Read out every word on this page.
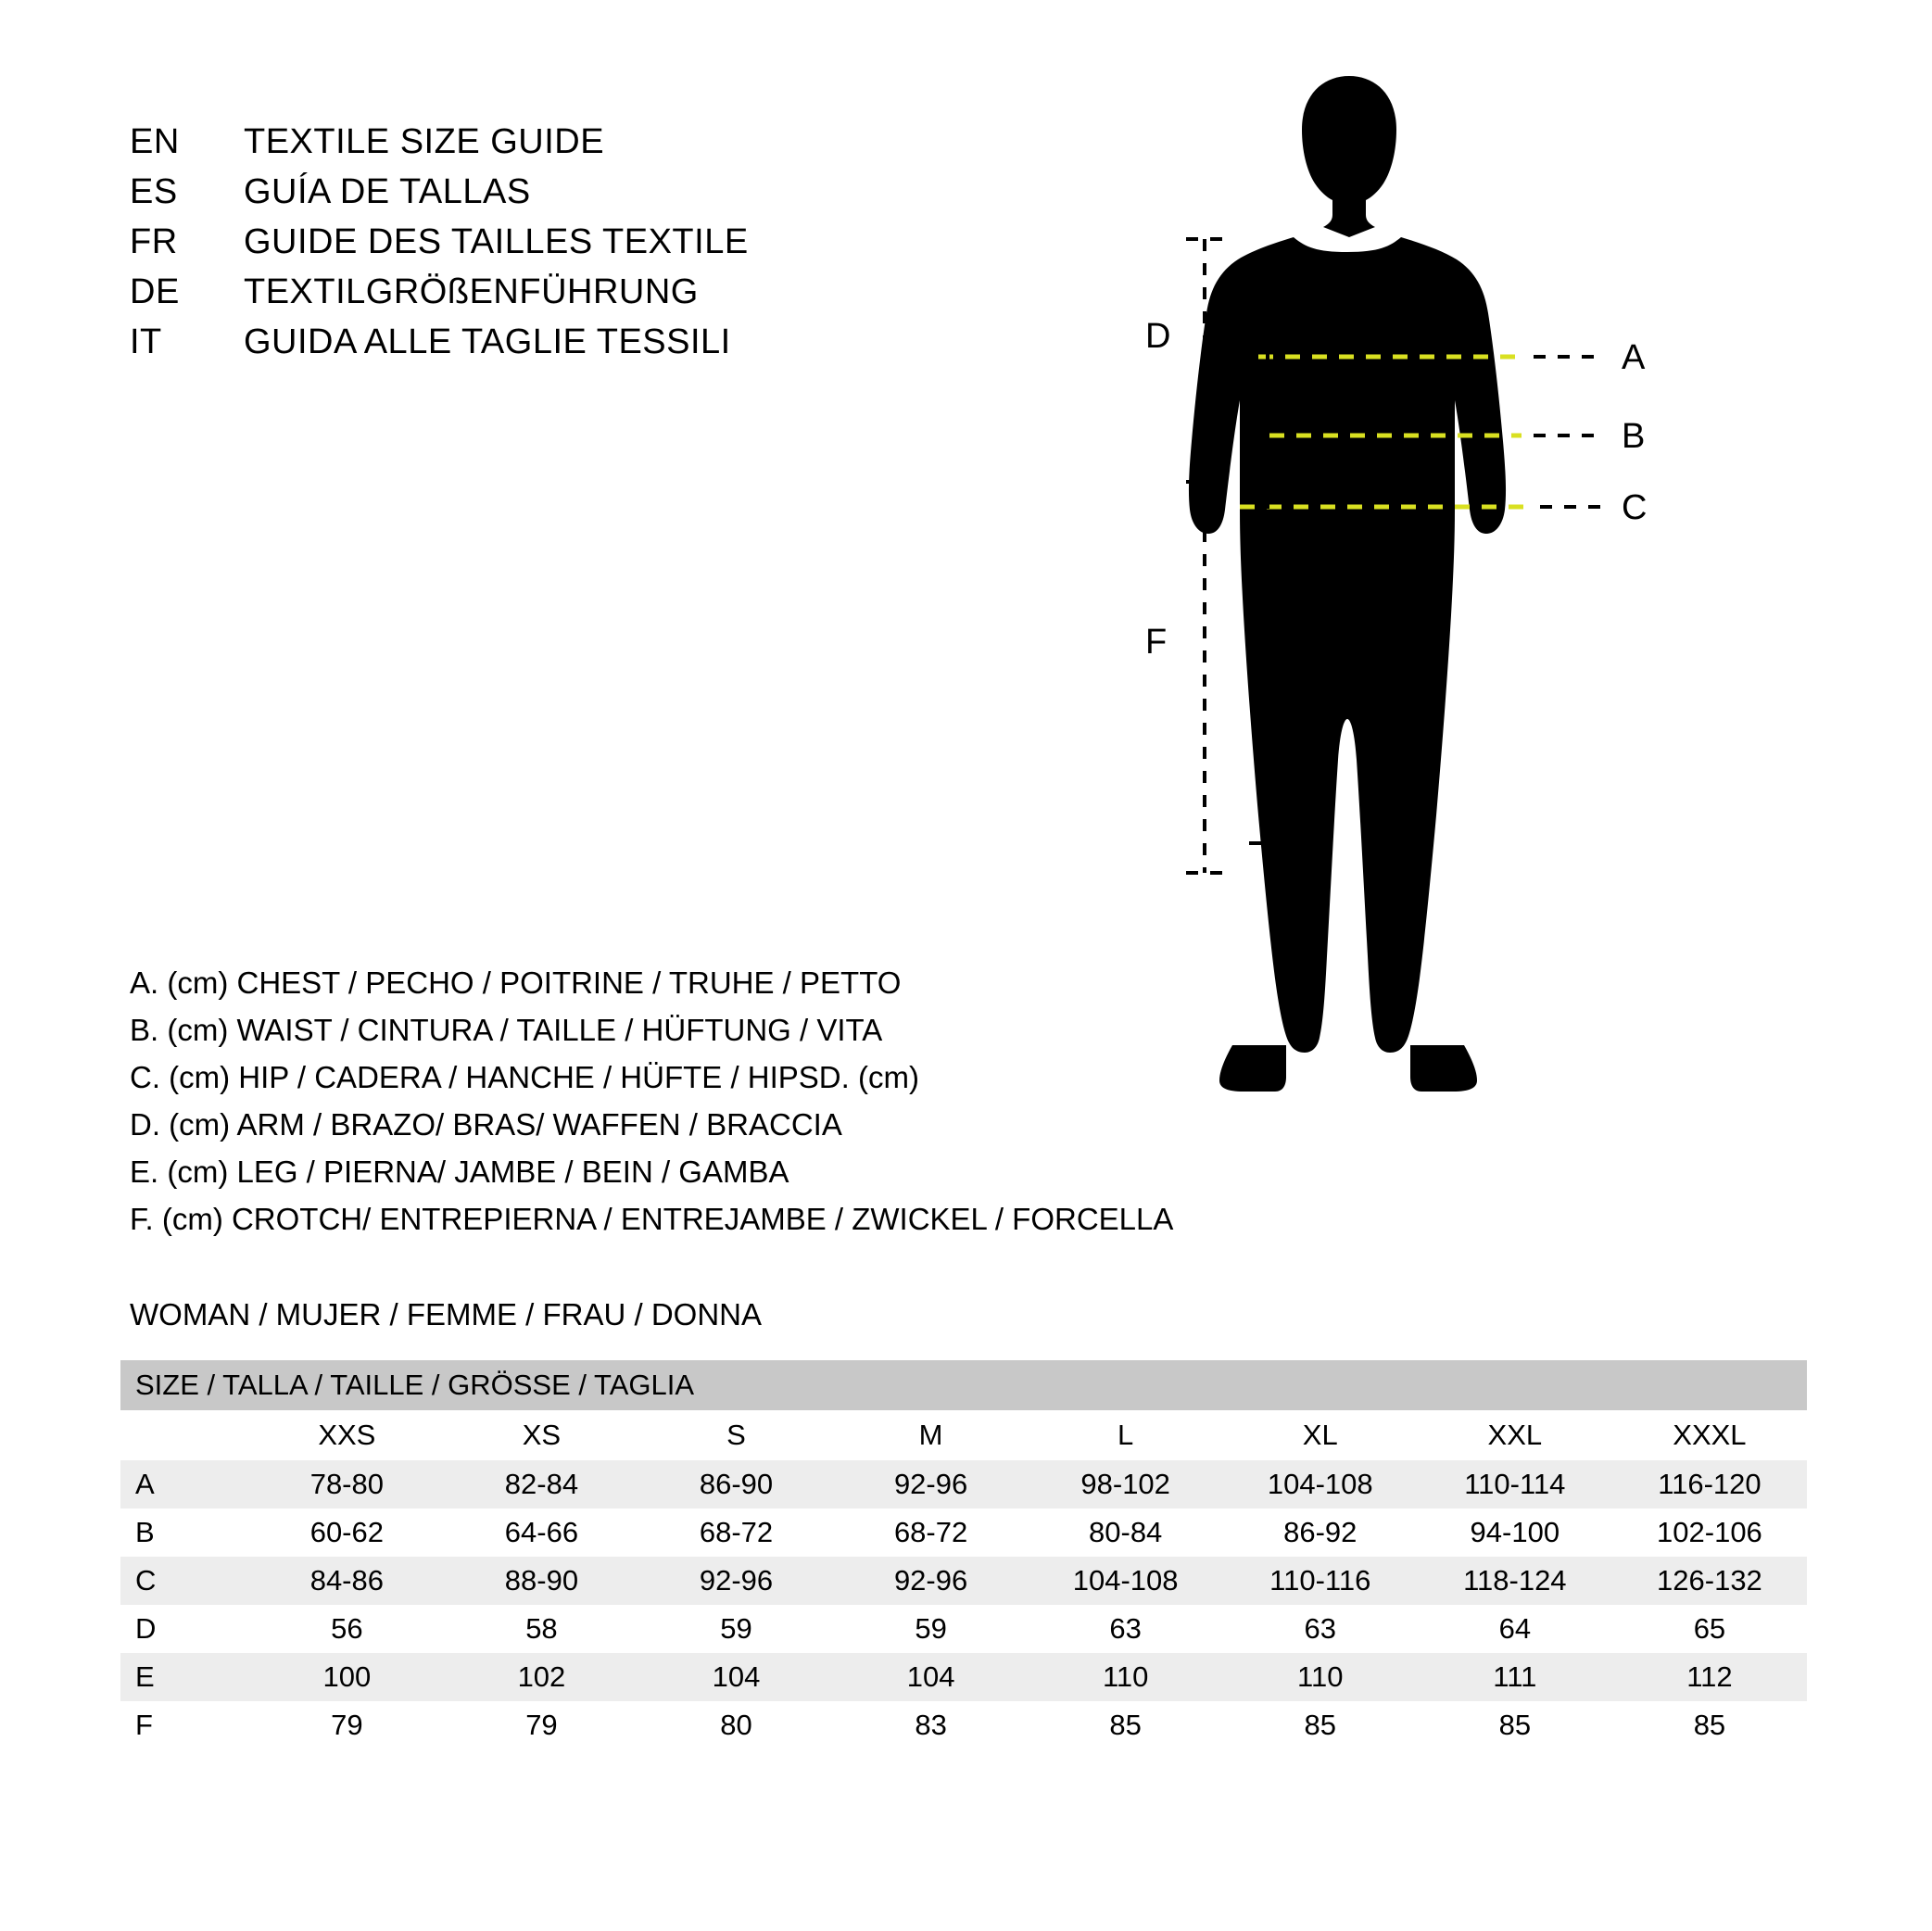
EN	TEXTILE SIZE GUIDE
ES	GUÍA DE TALLAS
FR	GUIDE DES TAILLES TEXTILE
DE	TEXTILGRÖßENFÜHRUNG
IT	GUIDA ALLE TAGLIE TESSILI
A. (cm) CHEST / PECHO / POITRINE / TRUHE / PETTO
B. (cm) WAIST / CINTURA / TAILLE / HÜFTUNG / VITA
C. (cm) HIP / CADERA / HANCHE / HÜFTE / HIPSD. (cm)
D. (cm) ARM / BRAZO/ BRAS/ WAFFEN / BRACCIA
E. (cm) LEG / PIERNA/ JAMBE / BEIN / GAMBA
F. (cm) CROTCH/ ENTREPIERNA / ENTREJAMBE / ZWICKEL / FORCELLA
WOMAN / MUJER / FEMME / FRAU / DONNA
A
B
C
D
E
F
SIZE / TALLA / TAILLE / GRÖSSE / TAGLIA								
	XXS	XS	S	M	L	XL	XXL	XXXL
A	78-80	82-84	86-90	92-96	98-102	104-108	110-114	116-120
B	60-62	64-66	68-72	68-72	80-84	86-92	94-100	102-106
C	84-86	88-90	92-96	92-96	104-108	110-116	118-124	126-132
D	56	58	59	59	63	63	64	65
E	100	102	104	104	110	110	111	112
F	79	79	80	83	85	85	85	85
